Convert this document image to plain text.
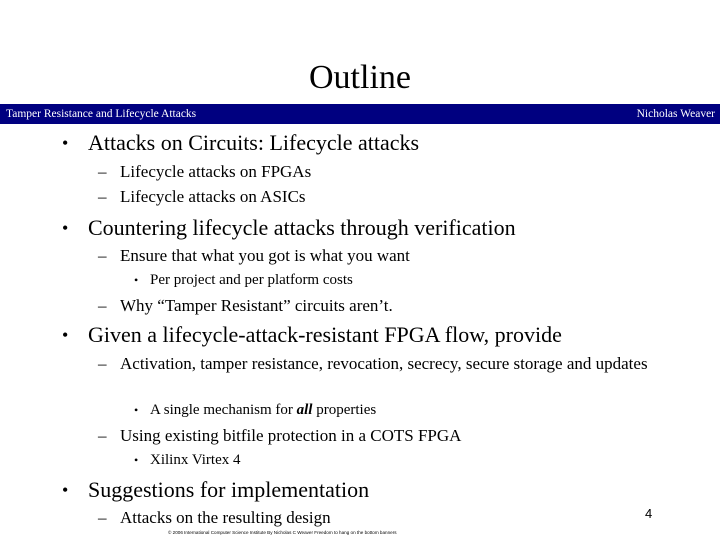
Outline
Tamper Resistance and Lifecycle Attacks	Nicholas Weaver
• Attacks on Circuits: Lifecycle attacks
– Lifecycle attacks on FPGAs
– Lifecycle attacks on ASICs
• Countering lifecycle attacks through verification
– Ensure that what you got is what you want
• Per project and per platform costs
– Why “Tamper Resistant” circuits aren’t.
• Given a lifecycle-attack-resistant FPGA flow, provide
– Activation, tamper resistance, revocation, secrecy, secure storage and updates
• A single mechanism for all properties
– Using existing bitfile protection in a COTS FPGA
• Xilinx Virtex 4
• Suggestions for implementation
– Attacks on the resulting design	4
© 2006 International Computer Science Institute By Nicholas C Weaver Freedom to hang on the bottom banners
